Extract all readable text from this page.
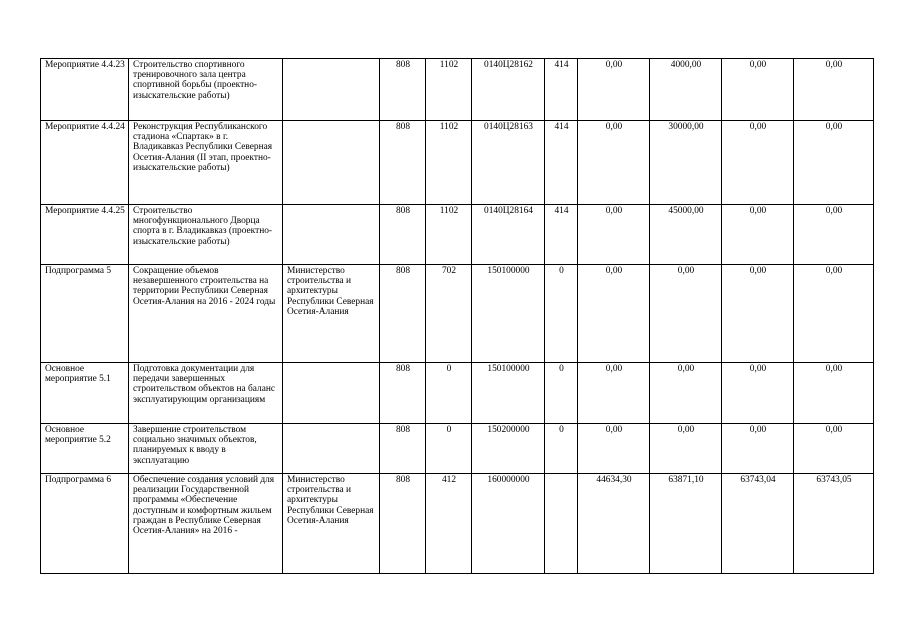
Мероприятие 4.4.23	Строительство спортивного тренировочного зала центра спортивной борьбы (проектно-изыскательские работы)		808	1102	0140Ц28162	414	0,00	4000,00	0,00	0,00
Мероприятие 4.4.24	Реконструкция Республиканского стадиона «Спартак» в г. Владикавказ Республики Северная Осетия-Алания (II этап, проектно-изыскательские работы)		808	1102	0140Ц28163	414	0,00	30000,00	0,00	0,00
Мероприятие 4.4.25	Строительство многофункционального Дворца спорта в г. Владикавказ (проектно-изыскательские работы)		808	1102	0140Ц28164	414	0,00	45000,00	0,00	0,00
Подпрограмма 5	Сокращение объемов незавершенного строительства на территории Республики Северная Осетия-Алания на 2016 - 2024 годы	Министерство строительства и архитектуры Республики Северная Осетия-Алания	808	702	150100000	0	0,00	0,00	0,00	0,00
Основное мероприятие 5.1	Подготовка документации для передачи завершенных строительством объектов на баланс эксплуатирующим организациям		808	0	150100000	0	0,00	0,00	0,00	0,00
Основное мероприятие 5.2	Завершение строительством социально значимых объектов, планируемых к вводу в эксплуатацию		808	0	150200000	0	0,00	0,00	0,00	0,00
Подпрограмма 6	Обеспечение создания условий для реализации Государственной программы «Обеспечение доступным и комфортным жильем граждан в Республике Северная Осетия-Алания» на 2016 -	Министерство строительства и архитектуры Республики Северная Осетия-Алания	808	412	160000000		44634,30	63871,10	63743,04	63743,05
